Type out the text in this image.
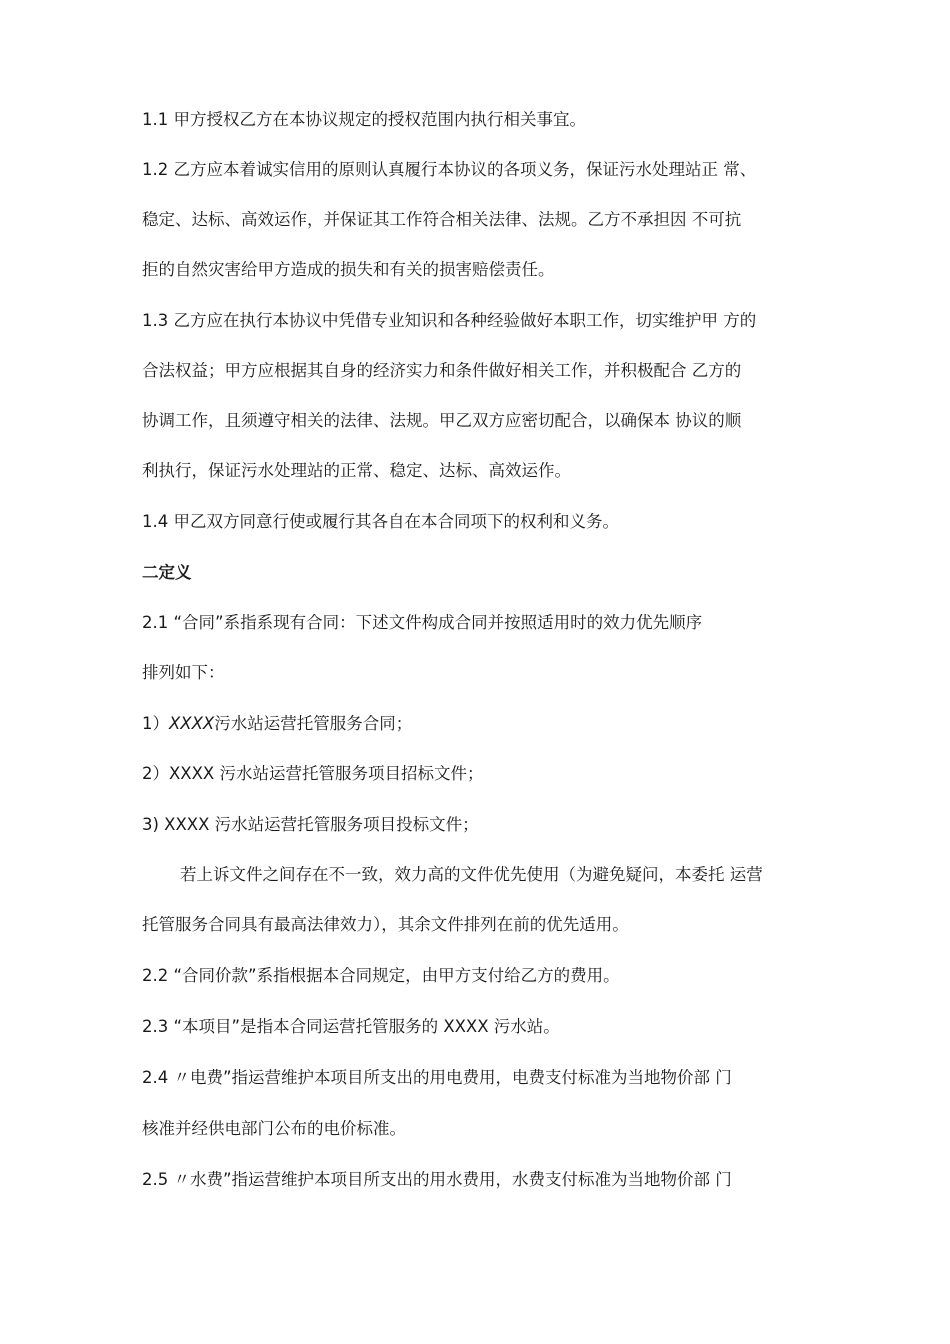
1.1 甲方授权乙方在本协议规定的授权范围内执行相关事宜。
1.2 乙方应本着诚实信用的原则认真履行本协议的各项义务，保证污水处理站正 常、
稳定、达标、高效运作，并保证其工作符合相关法律、法规。乙方不承担因 不可抗
拒的自然灾害给甲方造成的损失和有关的损害赔偿责任。
1.3 乙方应在执行本协议中凭借专业知识和各种经验做好本职工作，切实维护甲 方的
合法权益；甲方应根据其自身的经济实力和条件做好相关工作，并积极配合 乙方的
协调工作，且须遵守相关的法律、法规。甲乙双方应密切配合，以确保本 协议的顺
利执行，保证污水处理站的正常、稳定、达标、高效运作。
1.4 甲乙双方同意行使或履行其各自在本合同项下的权利和义务。
二定义
2.1 “合同”系指系现有合同：下述文件构成合同并按照适用时的效力优先顺序
排列如下：
1）XXXX污水站运营托管服务合同；
2）XXXX 污水站运营托管服务项目招标文件；
3) XXXX 污水站运营托管服务项目投标文件；
若上诉文件之间存在不一致，效力高的文件优先使用（为避免疑问，本委托 运营
托管服务合同具有最高法律效力），其余文件排列在前的优先适用。
2.2 “合同价款”系指根据本合同规定，由甲方支付给乙方的费用。
2.3 “本项目”是指本合同运营托管服务的 XXXX 污水站。
2.4 〃电费”指运营维护本项目所支出的用电费用，电费支付标准为当地物价部 门
核准并经供电部门公布的电价标准。
2.5 〃水费”指运营维护本项目所支出的用水费用，水费支付标准为当地物价部 门
